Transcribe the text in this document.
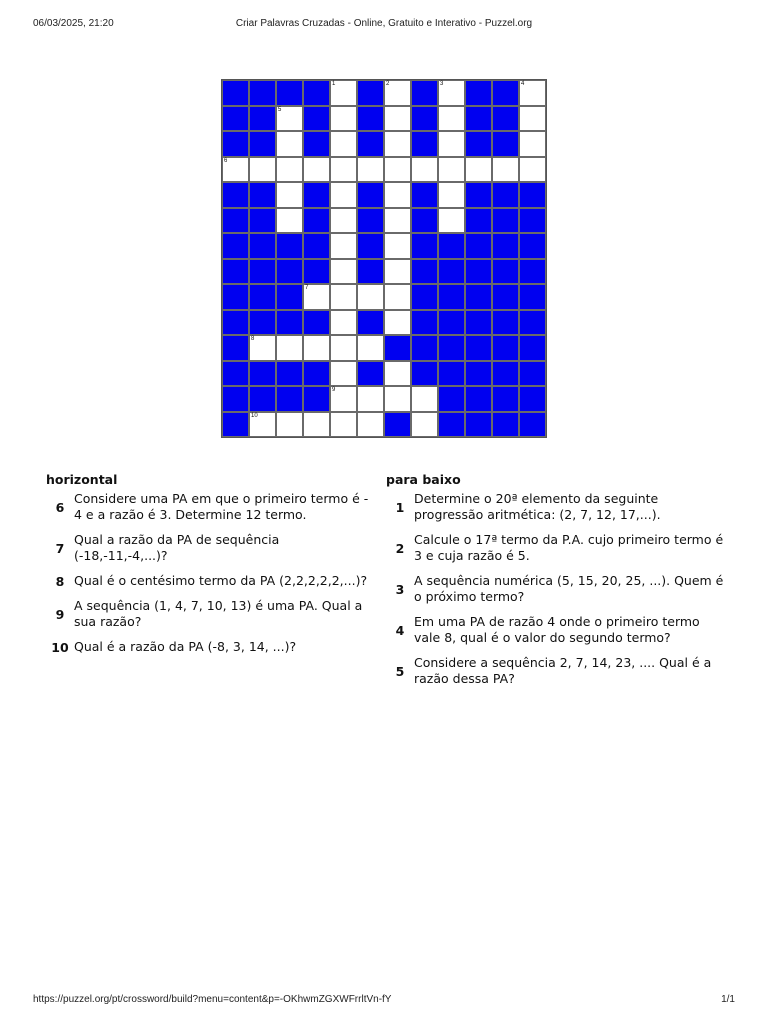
06/03/2025, 21:20	Criar Palavras Cruzadas - Online, Gratuito e Interativo - Puzzel.org
1	2	3	4
5
6
7
8
9
10
horizontal
6
Considere uma PA em que o primeiro termo é - 4 e a razão é 3. Determine 12 termo.
7
Qual a razão da PA de sequência (-18,-11,-4,...)?
8 Qual é o centésimo termo da PA (2,2,2,2,2,...)?
9
A sequência (1, 4, 7, 10, 13) é uma PA. Qual a sua razão?
10 Qual é a razão da PA (-8, 3, 14, ...)?
para baixo
1
Determine o 20ª elemento da seguinte progressão aritmética: (2, 7, 12, 17,...).
2
Calcule o 17ª termo da P.A. cujo primeiro termo é 3 e cuja razão é 5.
3
A sequência numérica (5, 15, 20, 25, ...). Quem é o próximo termo?
4
Em uma PA de razão 4 onde o primeiro termo vale 8, qual é o valor do segundo termo?
5
Considere a sequência 2, 7, 14, 23, .... Qual é a razão dessa PA?
https://puzzel.org/pt/crossword/build?menu=content&p=-OKhwmZGXWFrrltVn-fY	1/1
